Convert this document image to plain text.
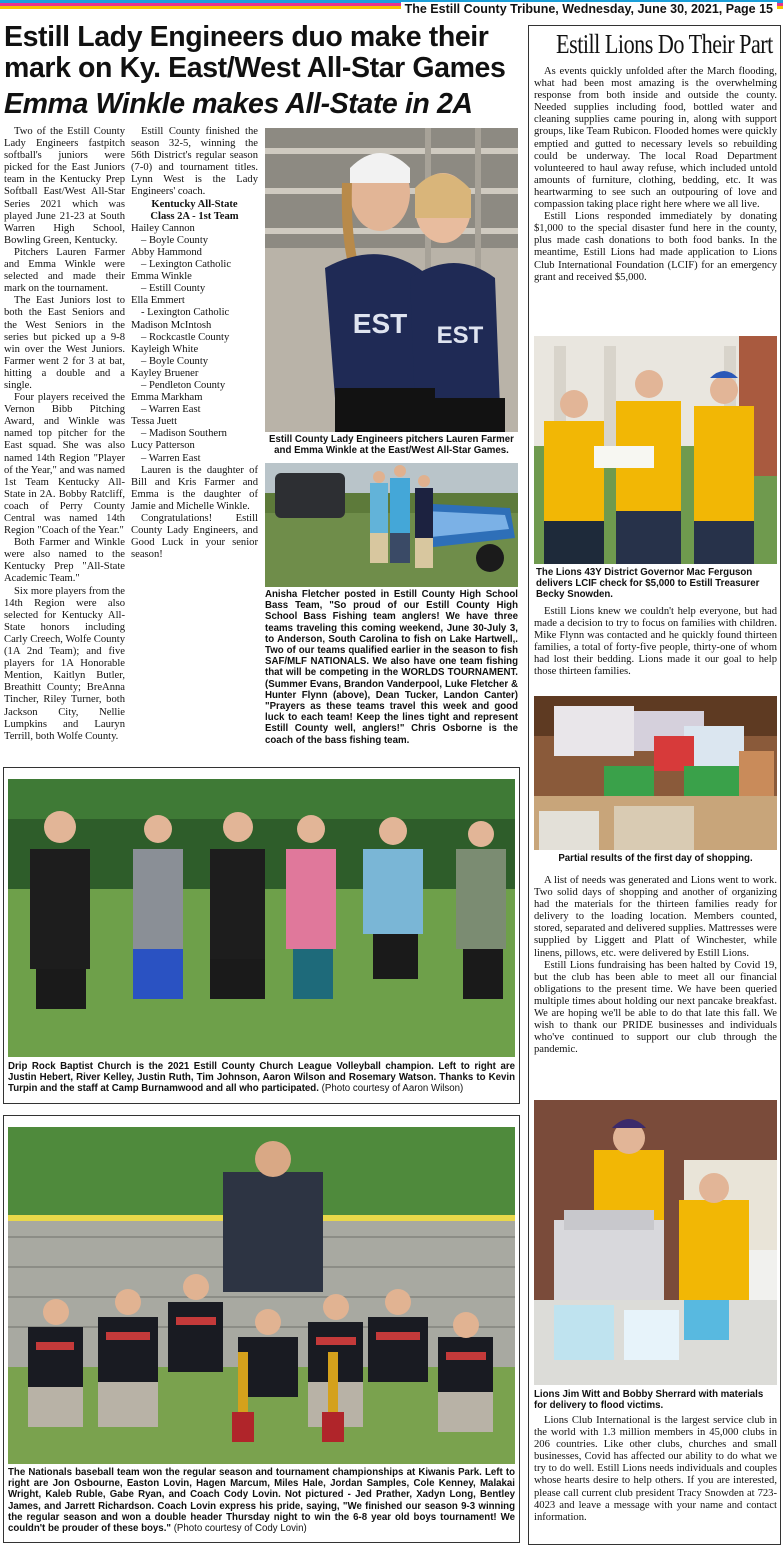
The Estill County Tribune, Wednesday, June 30, 2021, Page 15
Estill Lady Engineers duo make their mark on Ky. East/West All-Star Games
Emma Winkle makes All-State in 2A

Two of the Estill County Lady Engineers fastpitch softball's juniors were picked for the East Juniors team in the Kentucky Prep Softball East/West All-Star Series 2021 which was played June 21-23 at South Warren High School, Bowling Green, Kentucky.

Pitchers Lauren Farmer and Emma Winkle were selected and made their mark on the tournament.

The East Juniors lost to both the East Seniors and the West Seniors in the series but picked up a 9-8 win over the West Juniors. Farmer went 2 for 3 at bat, hitting a double and a single.

Four players received the Vernon Bibb Pitching Award, and Winkle was named top pitcher for the East squad. She was also named 14th Region "Player of the Year," and was named 1st Team Kentucky All-State in 2A. Bobby Ratcliff, coach of Perry County Central was named 14th Region "Coach of the Year."

Both Farmer and Winkle were also named to the Kentucky Prep "All-State Academic Team."

Six more players from the 14th Region were also selected for Kentucky All-State honors including Carly Creech, Wolfe County (1A 2nd Team); and five players for 1A Honorable Mention, Kaitlyn Butler, Breathitt County; BreAnna Tincher, Riley Turner, both Jackson City, Nellie Lumpkins and Lauryn Terrill, both Wolfe County.

Estill County finished the season 32-5, winning the 56th District's regular season (7-0) and tournament titles. Lynn West is the Lady Engineers' coach.

Kentucky All-State
Class 2A - 1st Team
Hailey Cannon
– Boyle County
Abby Hammond
– Lexington Catholic
Emma Winkle
– Estill County
Ella Emmert
- Lexington Catholic
Madison McIntosh
– Rockcastle County
Kayleigh White
– Boyle County
Kayley Bruener
– Pendleton County
Emma Markham
– Warren East
Tessa Juett
– Madison Southern
Lucy Patterson
– Warren East

Lauren is the daughter of Bill and Kris Farmer and Emma is the daughter of Jamie and Michelle Winkle.

Congratulations! Estill County Lady Engineers, and Good Luck in your senior season!

EST EST
Estill County Lady Engineers pitchers Lauren Farmer and Emma Winkle at the East/West All-Star Games.
Anisha Fletcher posted in Estill County High School Bass Team, "So proud of our Estill County High School Bass Fishing team anglers! We have three teams traveling this coming weekend, June 30-July 3, to Anderson, South Carolina to fish on Lake Hartwell,. Two of our teams qualified earlier in the season to fish SAF/MLF NATIONALS. We also have one team fishing that will be competing in the WORLDS TOURNAMENT. (Summer Evans, Brandon Vanderpool, Luke Fletcher & Hunter Flynn (above), Dean Tucker, Landon Canter) "Prayers as these teams travel this week and good luck to each team! Keep the lines tight and represent Estill County well, anglers!" Chris Osborne is the coach of the bass fishing team.
Drip Rock Baptist Church is the 2021 Estill County Church League Volleyball champion. Left to right are Justin Hebert, River Kelley, Justin Ruth, Tim Johnson, Aaron Wilson and Rosemary Watson. Thanks to Kevin Turpin and the staff at Camp Burnamwood and all who participated. (Photo courtesy of Aaron Wilson)
The Nationals baseball team won the regular season and tournament championships at Kiwanis Park. Left to right are Jon Osbourne, Easton Lovin, Hagen Marcum, Miles Hale, Jordan Samples, Cole Kenney, Malakai Wright, Kaleb Ruble, Gabe Ryan, and Coach Cody Lovin. Not pictured - Jed Prather, Xadyn Long, Bentley James, and Jarrett Richardson. Coach Lovin express his pride, saying, "We finished our season 9-3 winning the regular season and won a double header Thursday night to win the 6-8 year old boys tournament! We couldn't be prouder of these boys." (Photo courtesy of Cody Lovin)
Estill Lions Do Their Part

As events quickly unfolded after the March flooding, what had been most amazing is the overwhelming response from both inside and outside the county. Needed supplies including food, bottled water and cleaning supplies came pouring in, along with support groups, like Team Rubicon. Flooded homes were quickly emptied and gutted to necessary levels so rebuilding could be underway. The local Road Department volunteered to haul away refuse, which included untold amounts of furniture, clothing, bedding, etc. It was heartwarming to see such an outpouring of love and compassion taking place right here where we all live.

Estill Lions responded immediately by donating $1,000 to the special disaster fund here in the county, plus made cash donations to both food banks. In the meantime, Estill Lions had made application to Lions Club International Foundation (LCIF) for an emergency grant and received $5,000.

The Lions 43Y District Governor Mac Ferguson delivers LCIF check for $5,000 to Estill Treasurer Becky Snowden.

Estill Lions knew we couldn't help everyone, but had made a decision to try to focus on families with children. Mike Flynn was contacted and he quickly found thirteen families, a total of forty-five people, thirty-one of whom had lost their bedding. Lions made it our goal to help those thirteen families.

Partial results of the first day of shopping.

A list of needs was generated and Lions went to work. Two solid days of shopping and another of organizing had the materials for the thirteen families ready for delivery to the loading location. Members counted, stored, separated and delivered supplies. Mattresses were supplied by Liggett and Platt of Winchester, while linens, pillows, etc. were delivered by Estill Lions.

Estill Lions fundraising has been halted by Covid 19, but the club has been able to meet all our financial obligations to the present time. We have been queried multiple times about holding our next pancake breakfast. We are hoping we'll be able to do that late this fall. We wish to thank our PRIDE businesses and individuals who've continued to support our club through the pandemic.

Lions Jim Witt and Bobby Sherrard with materials for delivery to flood victims.

Lions Club International is the largest service club in the world with 1.3 million members in 45,000 clubs in 206 countries. Like other clubs, churches and small businesses, Covid has affected our ability to do what we try to do well. Estill Lions needs individuals and couples whose hearts desire to help others. If you are interested, please call current club president Tracy Snowden at 723-4023 and leave a message with your name and contact information.
